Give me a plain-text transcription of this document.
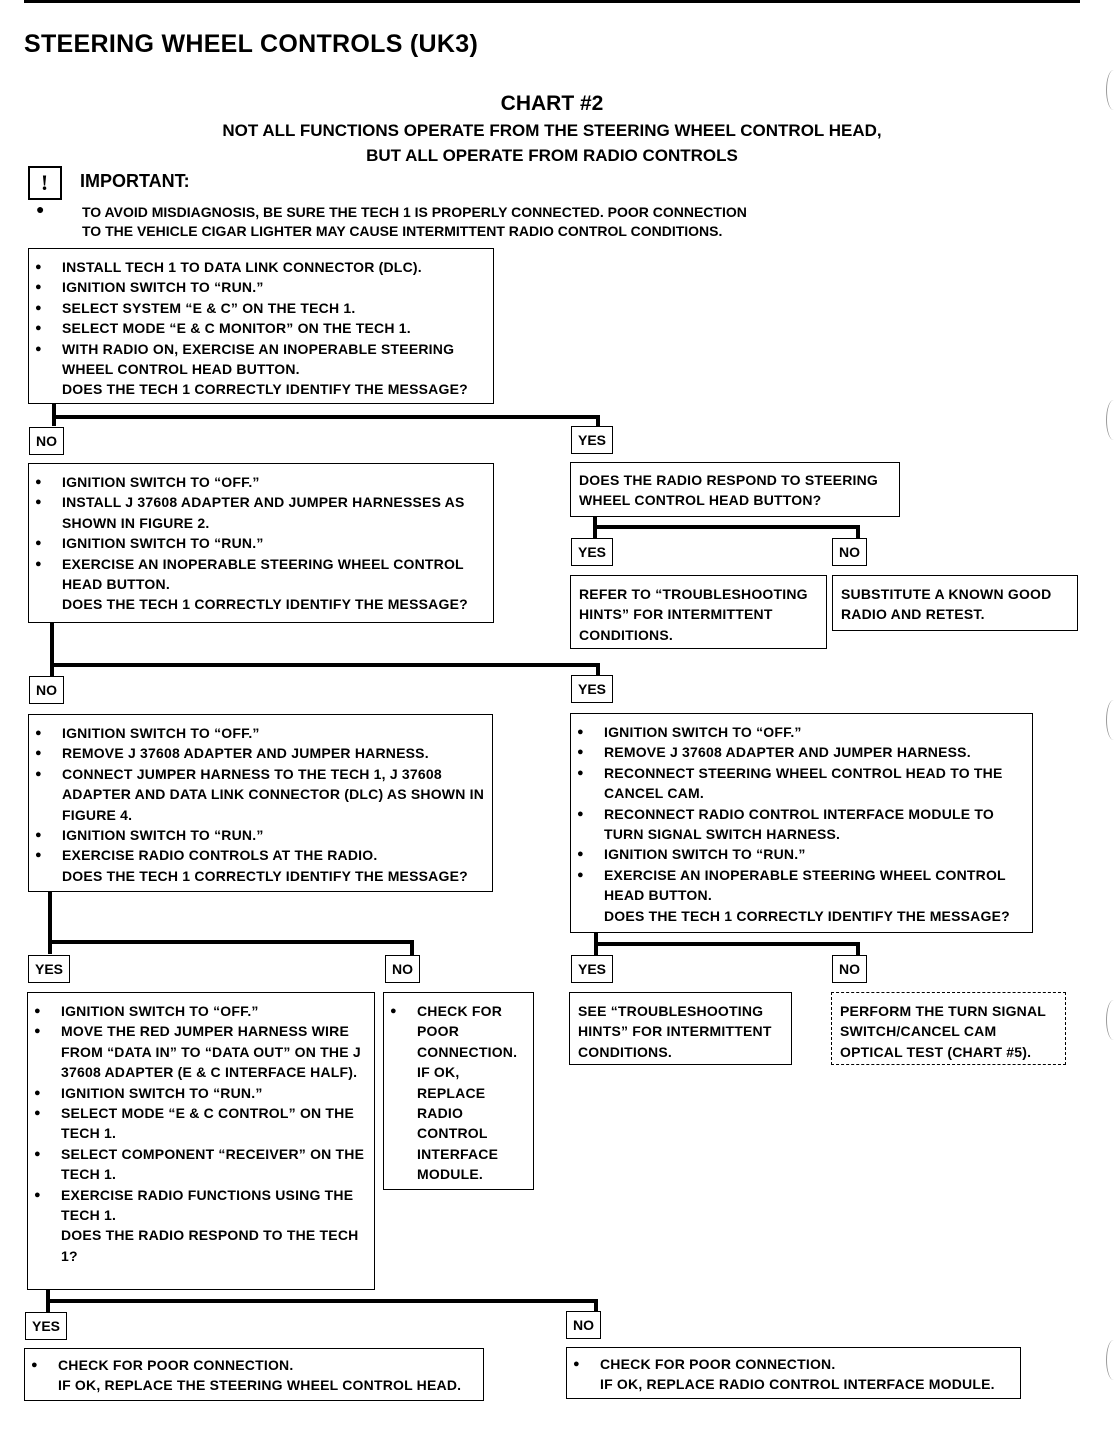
STEERING WHEEL CONTROLS (UK3)
CHART #2
NOT ALL FUNCTIONS OPERATE FROM THE STEERING WHEEL CONTROL HEAD,
BUT ALL OPERATE FROM RADIO CONTROLS
! IMPORTANT:
●	TO AVOID MISDIAGNOSIS, BE SURE THE TECH 1 IS PROPERLY CONNECTED. POOR CONNECTION
TO THE VEHICLE CIGAR LIGHTER MAY CAUSE INTERMITTENT RADIO CONTROL CONDITIONS.
● INSTALL TECH 1 TO DATA LINK CONNECTOR (DLC).
● IGNITION SWITCH TO “RUN.”
● SELECT SYSTEM “E & C” ON THE TECH 1.
● SELECT MODE “E & C MONITOR” ON THE TECH 1.
● WITH RADIO ON, EXERCISE AN INOPERABLE STEERING WHEEL CONTROL HEAD BUTTON.
DOES THE TECH 1 CORRECTLY IDENTIFY THE MESSAGE?
NO	YES
● IGNITION SWITCH TO “OFF.”
● INSTALL J 37608 ADAPTER AND JUMPER HARNESSES AS SHOWN IN FIGURE 2.
● IGNITION SWITCH TO “RUN.”
● EXERCISE AN INOPERABLE STEERING WHEEL CONTROL HEAD BUTTON.
DOES THE TECH 1 CORRECTLY IDENTIFY THE MESSAGE?
DOES THE RADIO RESPOND TO STEERING WHEEL CONTROL HEAD BUTTON?
YES	NO
REFER TO “TROUBLESHOOTING HINTS” FOR INTERMITTENT CONDITIONS.
SUBSTITUTE A KNOWN GOOD RADIO AND RETEST.
NO	YES
● IGNITION SWITCH TO “OFF.”
● REMOVE J 37608 ADAPTER AND JUMPER HARNESS.
● CONNECT JUMPER HARNESS TO THE TECH 1, J 37608 ADAPTER AND DATA LINK CONNECTOR (DLC) AS SHOWN IN FIGURE 4.
● IGNITION SWITCH TO “RUN.”
● EXERCISE RADIO CONTROLS AT THE RADIO.
DOES THE TECH 1 CORRECTLY IDENTIFY THE MESSAGE?
● IGNITION SWITCH TO “OFF.”
● REMOVE J 37608 ADAPTER AND JUMPER HARNESS.
● RECONNECT STEERING WHEEL CONTROL HEAD TO THE CANCEL CAM.
● RECONNECT RADIO CONTROL INTERFACE MODULE TO TURN SIGNAL SWITCH HARNESS.
● IGNITION SWITCH TO “RUN.”
● EXERCISE AN INOPERABLE STEERING WHEEL CONTROL HEAD BUTTON.
DOES THE TECH 1 CORRECTLY IDENTIFY THE MESSAGE?
YES	NO	YES	NO
● IGNITION SWITCH TO “OFF.”
● MOVE THE RED JUMPER HARNESS WIRE FROM “DATA IN” TO “DATA OUT” ON THE J 37608 ADAPTER (E & C INTERFACE HALF).
● IGNITION SWITCH TO “RUN.”
● SELECT MODE “E & C CONTROL” ON THE TECH 1.
● SELECT COMPONENT “RECEIVER” ON THE TECH 1.
● EXERCISE RADIO FUNCTIONS USING THE TECH 1.
DOES THE RADIO RESPOND TO THE TECH 1?
● CHECK FOR POOR CONNECTION. IF OK, REPLACE RADIO CONTROL INTERFACE MODULE.
SEE “TROUBLESHOOTING HINTS” FOR INTERMITTENT CONDITIONS.
PERFORM THE TURN SIGNAL SWITCH/CANCEL CAM OPTICAL TEST (CHART #5).
YES	NO
● CHECK FOR POOR CONNECTION.
IF OK, REPLACE THE STEERING WHEEL CONTROL HEAD.
● CHECK FOR POOR CONNECTION.
IF OK, REPLACE RADIO CONTROL INTERFACE MODULE.
